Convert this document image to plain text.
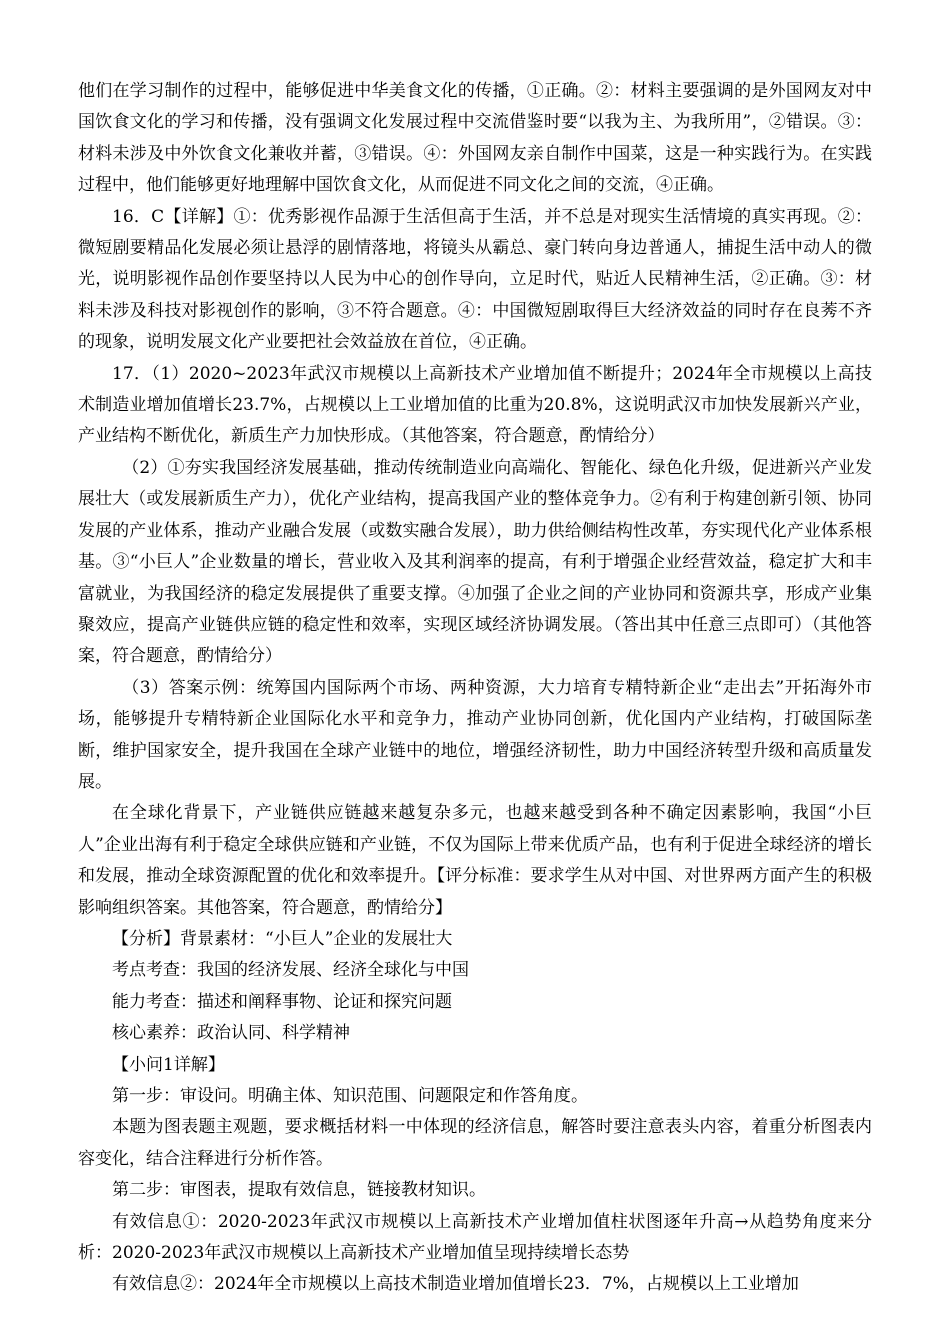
他们在学习制作的过程中，能够促进中华美食文化的传播，①正确。②：材料主要强调的是外国网友对中国饮食文化的学习和传播，没有强调文化发展过程中交流借鉴时要“以我为主、为我所用”，②错误。③：材料未涉及中外饮食文化兼收并蓄，③错误。④：外国网友亲自制作中国菜，这是一种实践行为。在实践过程中，他们能够更好地理解中国饮食文化，从而促进不同文化之间的交流，④正确。

16．C【详解】①：优秀影视作品源于生活但高于生活，并不总是对现实生活情境的真实再现。②：微短剧要精品化发展必须让悬浮的剧情落地，将镜头从霸总、豪门转向身边普通人，捕捉生活中动人的微光，说明影视作品创作要坚持以人民为中心的创作导向，立足时代，贴近人民精神生活，②正确。③：材料未涉及科技对影视创作的影响，③不符合题意。④：中国微短剧取得巨大经济效益的同时存在良莠不齐的现象，说明发展文化产业要把社会效益放在首位，④正确。

17．（1）2020~2023年武汉市规模以上高新技术产业增加值不断提升；2024年全市规模以上高技术制造业增加值增长23.7%，占规模以上工业增加值的比重为20.8%，这说明武汉市加快发展新兴产业，产业结构不断优化，新质生产力加快形成。（其他答案，符合题意，酌情给分）

（2）①夯实我国经济发展基础，推动传统制造业向高端化、智能化、绿色化升级，促进新兴产业发展壮大（或发展新质生产力），优化产业结构，提高我国产业的整体竞争力。②有利于构建创新引领、协同发展的产业体系，推动产业融合发展（或数实融合发展），助力供给侧结构性改革，夯实现代化产业体系根基。③“小巨人”企业数量的增长，营业收入及其利润率的提高，有利于增强企业经营效益，稳定扩大和丰富就业，为我国经济的稳定发展提供了重要支撑。④加强了企业之间的产业协同和资源共享，形成产业集聚效应，提高产业链供应链的稳定性和效率，实现区域经济协调发展。（答出其中任意三点即可）（其他答案，符合题意，酌情给分）

（3）答案示例：统筹国内国际两个市场、两种资源，大力培育专精特新企业“走出去”开拓海外市场，能够提升专精特新企业国际化水平和竞争力，推动产业协同创新，优化国内产业结构，打破国际垄断，维护国家安全，提升我国在全球产业链中的地位，增强经济韧性，助力中国经济转型升级和高质量发展。

在全球化背景下，产业链供应链越来越复杂多元，也越来越受到各种不确定因素影响，我国“小巨人”企业出海有利于稳定全球供应链和产业链，不仅为国际上带来优质产品，也有利于促进全球经济的增长和发展，推动全球资源配置的优化和效率提升。【评分标准：要求学生从对中国、对世界两方面产生的积极影响组织答案。其他答案，符合题意，酌情给分】

【分析】背景素材：“小巨人”企业的发展壮大

考点考查：我国的经济发展、经济全球化与中国

能力考查：描述和阐释事物、论证和探究问题

核心素养：政治认同、科学精神

【小问1详解】

第一步：审设问。明确主体、知识范围、问题限定和作答角度。

本题为图表题主观题，要求概括材料一中体现的经济信息，解答时要注意表头内容，着重分析图表内容变化，结合注释进行分析作答。

第二步：审图表，提取有效信息，链接教材知识。

有效信息①：2020-2023年武汉市规模以上高新技术产业增加值柱状图逐年升高→从趋势角度来分析：2020-2023年武汉市规模以上高新技术产业增加值呈现持续增长态势

有效信息②：2024年全市规模以上高技术制造业增加值增长23．7%，占规模以上工业增加
